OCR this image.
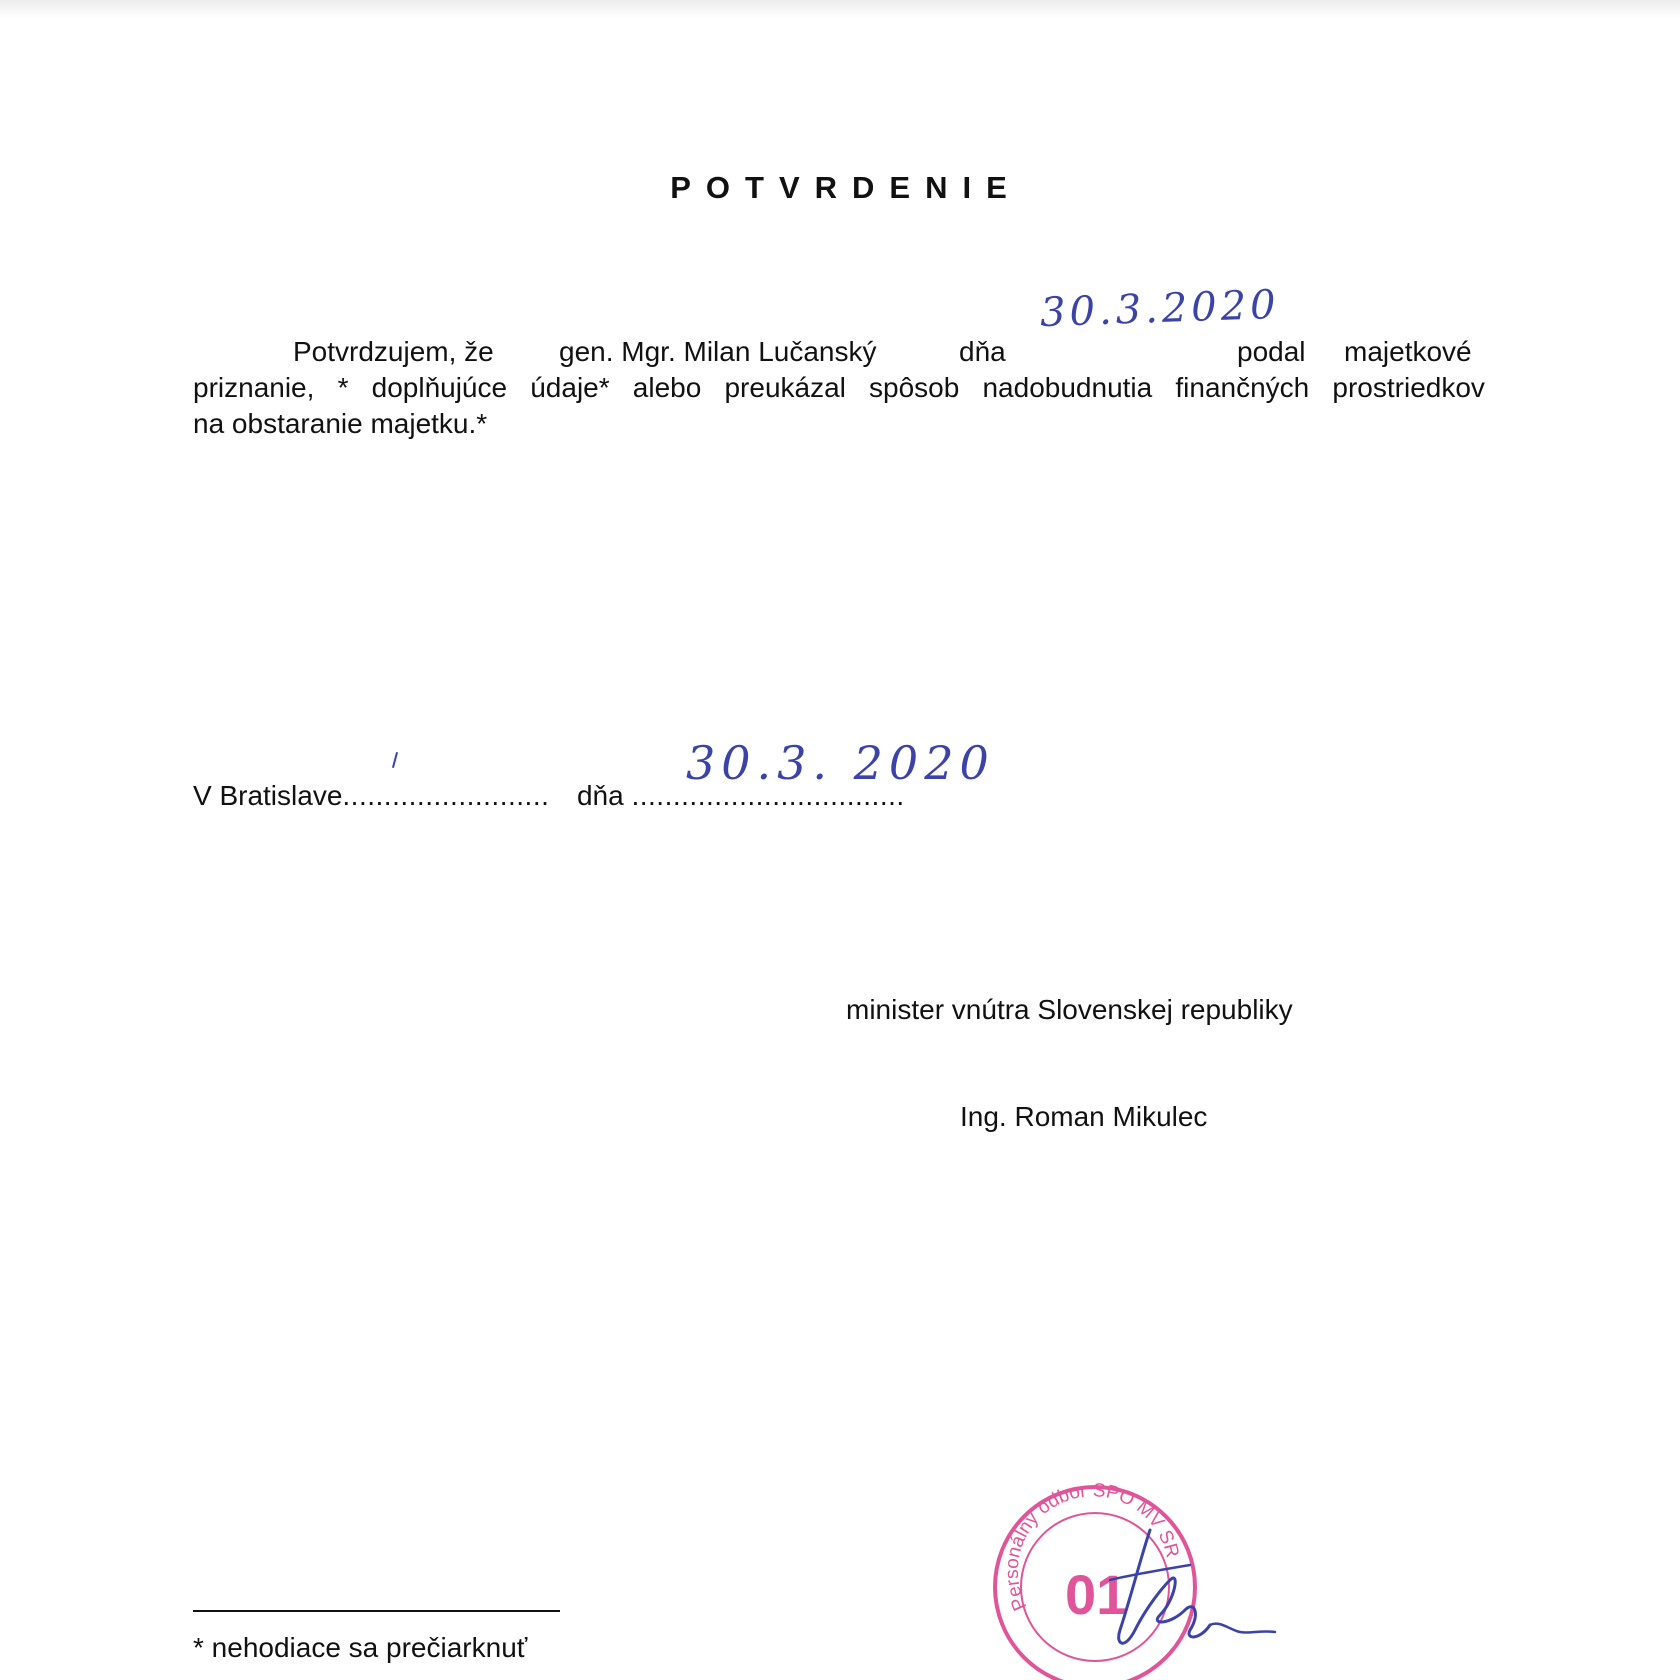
POTVRDENIE
30.3.2020
Potvrdzujem, že gen. Mgr. Milan Lučanský	dňa	podal majetkové
priznanie, * doplňujúce údaje* alebo preukázal spôsob nadobudnutia finančných prostriedkov
na obstaranie majetku.*
30.3. 2020
V Bratislave......................... dňa .................................
minister vnútra Slovenskej republiky
Ing. Roman Mikulec
Personálny odbor SPO MV SR
01
* nehodiace sa prečiarknuť
